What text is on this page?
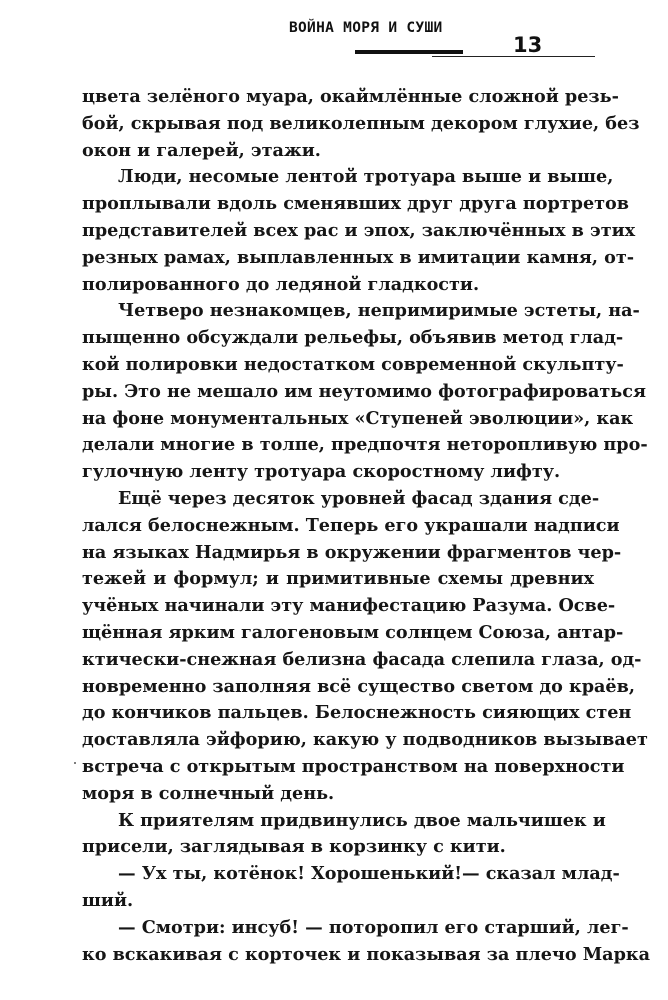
ВОЙНА МОРЯ И СУШИ
13
цвета зелёного муара, окаймлённые сложной резь-
бой, скрывая под великолепным декором глухие, без
окон и галерей, этажи.
Люди, несомые лентой тротуара выше и выше,
проплывали вдоль сменявших друг друга портретов
представителей всех рас и эпох, заключённых в этих
резных рамах, выплавленных в имитации камня, от-
полированного до ледяной гладкости.
Четверо незнакомцев, непримиримые эстеты, на-
пыщенно обсуждали рельефы, объявив метод глад-
кой полировки недостатком современной скульпту-
ры. Это не мешало им неутомимо фотографироваться
на фоне монументальных «Ступеней эволюции», как
делали многие в толпе, предпочтя неторопливую про-
гулочную ленту тротуара скоростному лифту.
Ещё через десяток уровней фасад здания сде-
лался белоснежным. Теперь его украшали надписи
на языках Надмирья в окружении фрагментов чер-
тежей и формул; и примитивные схемы древних
учёных начинали эту манифестацию Разума. Осве-
щённая ярким галогеновым солнцем Союза, антар-
ктически-снежная белизна фасада слепила глаза, од-
новременно заполняя всё существо светом до краёв,
до кончиков пальцев. Белоснежность сияющих стен
доставляла эйфорию, какую у подводников вызывает
встреча с открытым пространством на поверхности
моря в солнечный день.
К приятелям придвинулись двое мальчишек и
присели, заглядывая в корзинку с кити.
— Ух ты, котёнок! Хорошенький!— сказал млад-
ший.
— Смотри: инсуб! — поторопил его старший, лег-
ко вскакивая с корточек и показывая за плечо Марка
